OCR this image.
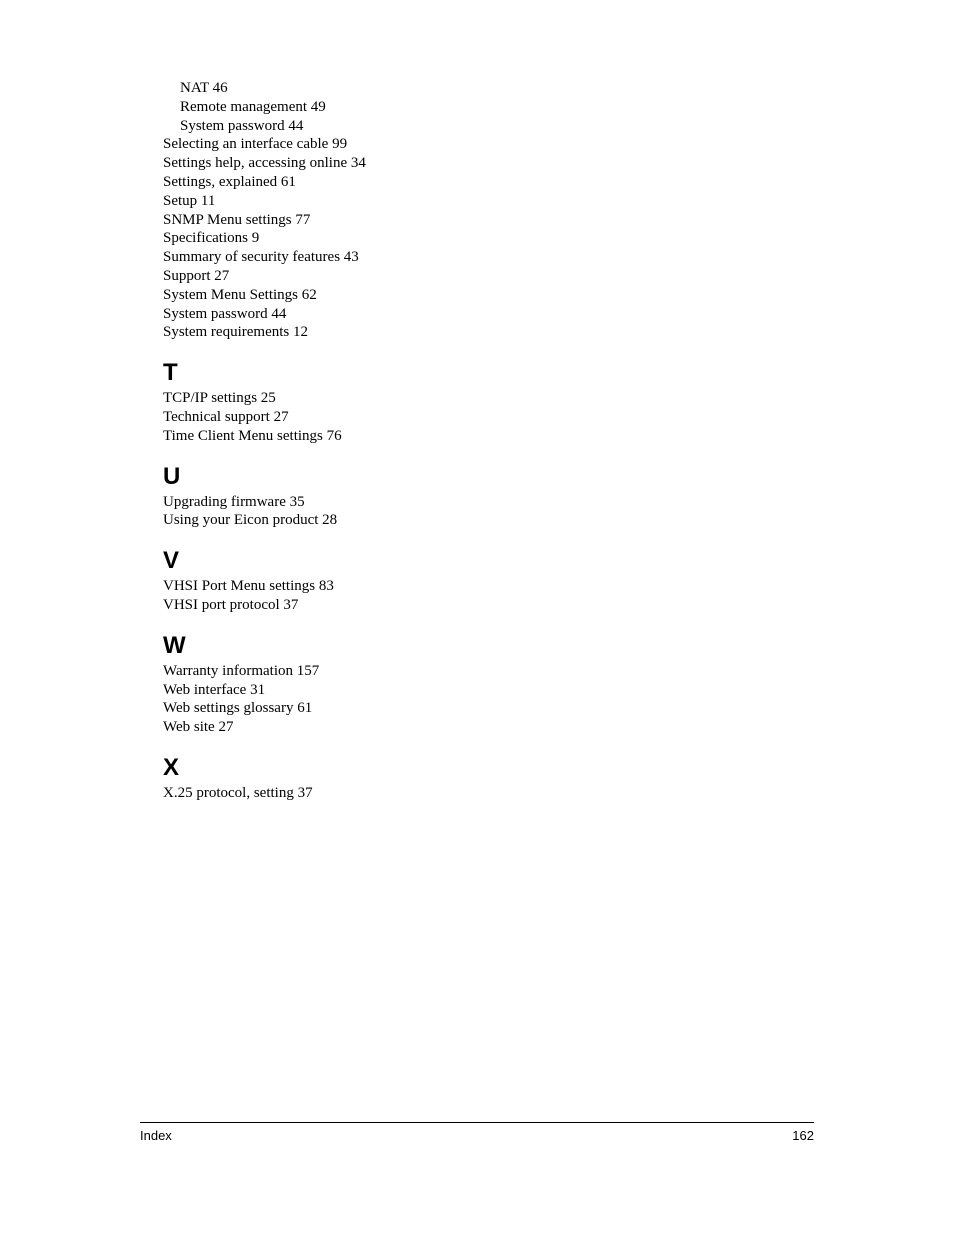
NAT 46
Remote management 49
System password 44
Selecting an interface cable 99
Settings help, accessing online 34
Settings, explained 61
Setup 11
SNMP Menu settings 77
Specifications 9
Summary of security features 43
Support 27
System Menu Settings 62
System password 44
System requirements 12
T
TCP/IP settings 25
Technical support 27
Time Client Menu settings 76
U
Upgrading firmware 35
Using your Eicon product 28
V
VHSI Port Menu settings 83
VHSI port protocol 37
W
Warranty information 157
Web interface 31
Web settings glossary 61
Web site 27
X
X.25 protocol, setting 37
Index	162
